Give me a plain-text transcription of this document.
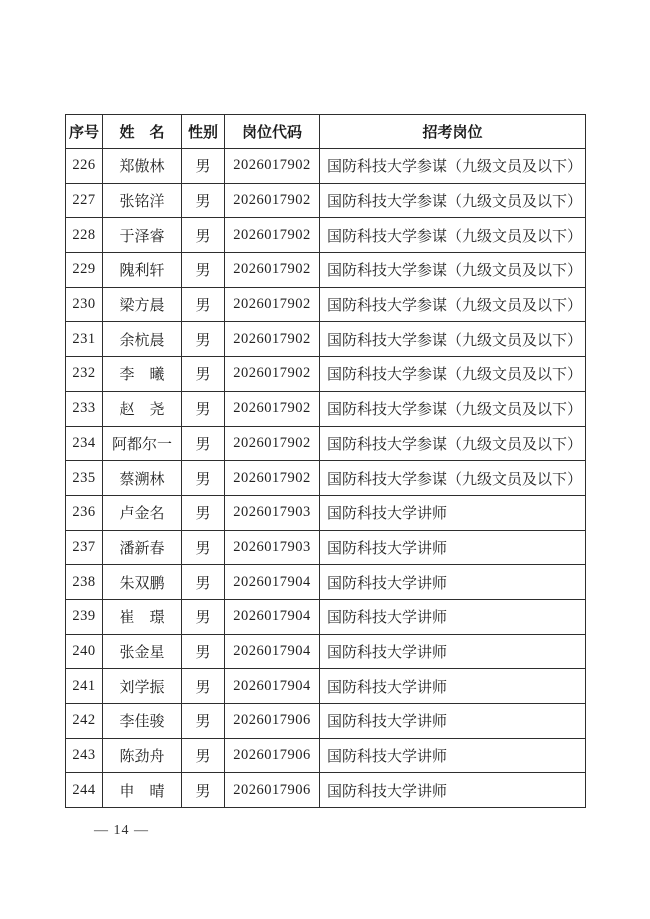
序号	姓　名	性别	岗位代码	招考岗位
226	郑傲林	男	2026017902	国防科技大学参谋（九级文员及以下）
227	张铭洋	男	2026017902	国防科技大学参谋（九级文员及以下）
228	于泽睿	男	2026017902	国防科技大学参谋（九级文员及以下）
229	隗利轩	男	2026017902	国防科技大学参谋（九级文员及以下）
230	梁方晨	男	2026017902	国防科技大学参谋（九级文员及以下）
231	余杭晨	男	2026017902	国防科技大学参谋（九级文员及以下）
232	李　曦	男	2026017902	国防科技大学参谋（九级文员及以下）
233	赵　尧	男	2026017902	国防科技大学参谋（九级文员及以下）
234	阿都尔一	男	2026017902	国防科技大学参谋（九级文员及以下）
235	蔡溯林	男	2026017902	国防科技大学参谋（九级文员及以下）
236	卢金名	男	2026017903	国防科技大学讲师
237	潘新春	男	2026017903	国防科技大学讲师
238	朱双鹏	男	2026017904	国防科技大学讲师
239	崔　璟	男	2026017904	国防科技大学讲师
240	张金星	男	2026017904	国防科技大学讲师
241	刘学振	男	2026017904	国防科技大学讲师
242	李佳骏	男	2026017906	国防科技大学讲师
243	陈劲舟	男	2026017906	国防科技大学讲师
244	申　晴	男	2026017906	国防科技大学讲师
— 14 —
